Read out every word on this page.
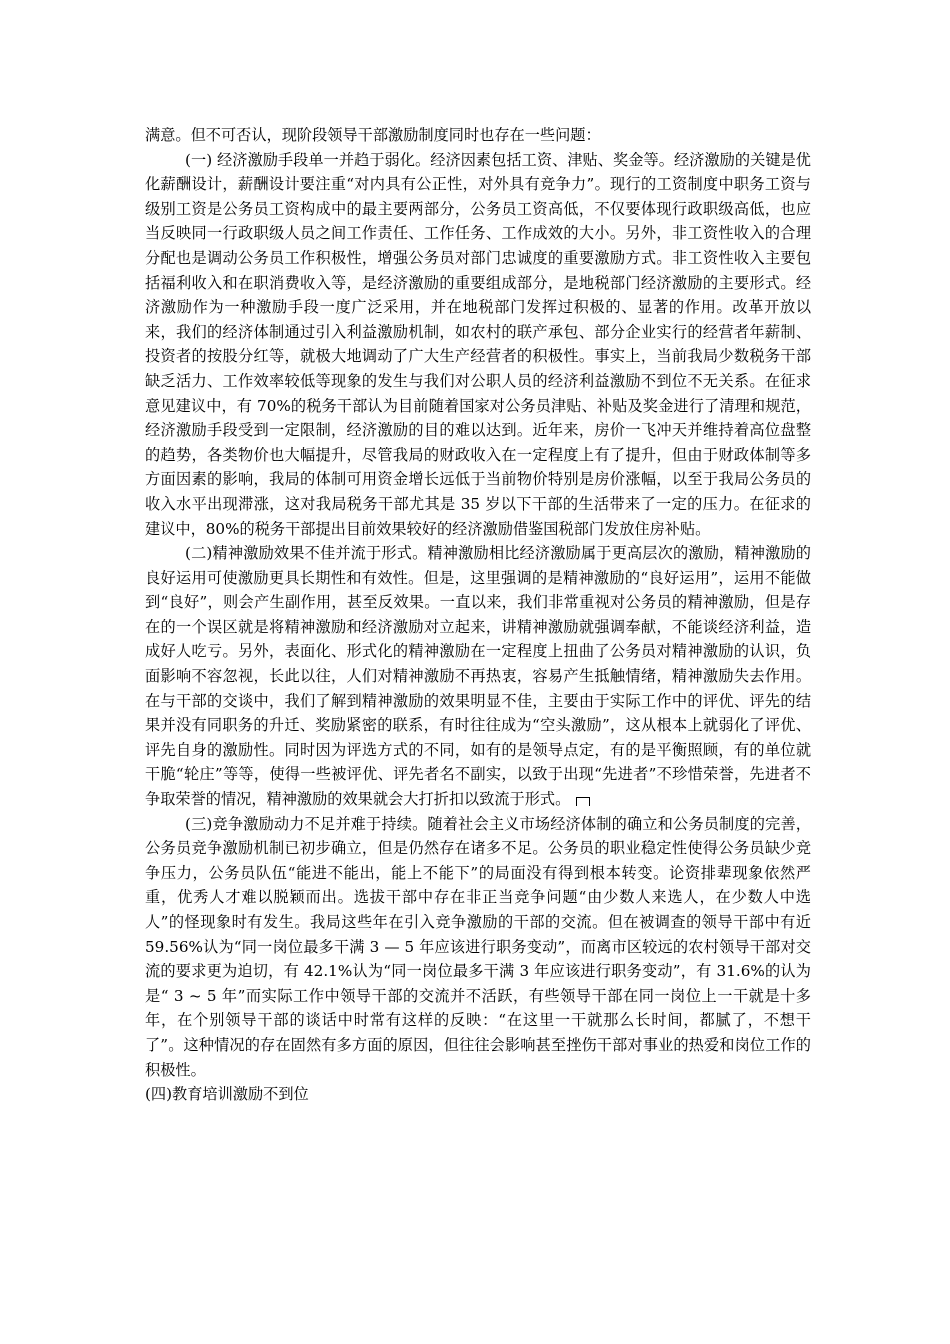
满意。但不可否认，现阶段领导干部激励制度同时也存在一些问题：

(一) 经济激励手段单一并趋于弱化。经济因素包括工资、津贴、奖金等。经济激励的关键是优化薪酬设计，薪酬设计要注重“对内具有公正性，对外具有竞争力”。现行的工资制度中职务工资与级别工资是公务员工资构成中的最主要两部分，公务员工资高低，不仅要体现行政职级高低，也应当反映同一行政职级人员之间工作责任、工作任务、工作成效的大小。另外，非工资性收入的合理分配也是调动公务员工作积极性，增强公务员对部门忠诚度的重要激励方式。非工资性收入主要包括福利收入和在职消费收入等，是经济激励的重要组成部分，是地税部门经济激励的主要形式。经济激励作为一种激励手段一度广泛采用，并在地税部门发挥过积极的、显著的作用。改革开放以来，我们的经济体制通过引入利益激励机制，如农村的联产承包、部分企业实行的经营者年薪制、投资者的按股分红等，就极大地调动了广大生产经营者的积极性。事实上，当前我局少数税务干部缺乏活力、工作效率较低等现象的发生与我们对公职人员的经济利益激励不到位不无关系。在征求意见建议中，有 70%的税务干部认为目前随着国家对公务员津贴、补贴及奖金进行了清理和规范，经济激励手段受到一定限制，经济激励的目的难以达到。近年来，房价一飞冲天并维持着高位盘整的趋势，各类物价也大幅提升，尽管我局的财政收入在一定程度上有了提升，但由于财政体制等多方面因素的影响，我局的体制可用资金增长远低于当前物价特别是房价涨幅，以至于我局公务员的收入水平出现滞涨，这对我局税务干部尤其是 35 岁以下干部的生活带来了一定的压力。在征求的建议中，80%的税务干部提出目前效果较好的经济激励借鉴国税部门发放住房补贴。

(二)精神激励效果不佳并流于形式。精神激励相比经济激励属于更高层次的激励，精神激励的良好运用可使激励更具长期性和有效性。但是，这里强调的是精神激励的“良好运用”，运用不能做到“良好”，则会产生副作用，甚至反效果。一直以来，我们非常重视对公务员的精神激励，但是存在的一个误区就是将精神激励和经济激励对立起来，讲精神激励就强调奉献，不能谈经济利益，造成好人吃亏。另外，表面化、形式化的精神激励在一定程度上扭曲了公务员对精神激励的认识，负面影响不容忽视，长此以往，人们对精神激励不再热衷，容易产生抵触情绪，精神激励失去作用。在与干部的交谈中，我们了解到精神激励的效果明显不佳，主要由于实际工作中的评优、评先的结果并没有同职务的升迁、奖励紧密的联系，有时往往成为“空头激励”，这从根本上就弱化了评优、评先自身的激励性。同时因为评选方式的不同，如有的是领导点定，有的是平衡照顾，有的单位就干脆“轮庄”等等，使得一些被评优、评先者名不副实，以致于出现“先进者”不珍惜荣誉，先进者不争取荣誉的情况，精神激励的效果就会大打折扣以致流于形式。

(三)竞争激励动力不足并难于持续。随着社会主义市场经济体制的确立和公务员制度的完善，公务员竞争激励机制已初步确立，但是仍然存在诸多不足。公务员的职业稳定性使得公务员缺少竞争压力，公务员队伍“能进不能出，能上不能下”的局面没有得到根本转变。论资排辈现象依然严重，优秀人才难以脱颖而出。选拔干部中存在非正当竞争问题“由少数人来选人，在少数人中选人”的怪现象时有发生。我局这些年在引入竞争激励的干部的交流。但在被调查的领导干部中有近 59.56%认为“同一岗位最多干满 3 — 5 年应该进行职务变动”，而离市区较远的农村领导干部对交流的要求更为迫切，有 42.1%认为“同一岗位最多干满 3 年应该进行职务变动”，有 31.6%的认为是“ 3 ~ 5 年”而实际工作中领导干部的交流并不活跃，有些领导干部在同一岗位上一干就是十多年，在个别领导干部的谈话中时常有这样的反映：“在这里一干就那么长时间，都腻了，不想干了”。这种情况的存在固然有多方面的原因，但往往会影响甚至挫伤干部对事业的热爱和岗位工作的积极性。

(四)教育培训激励不到位
